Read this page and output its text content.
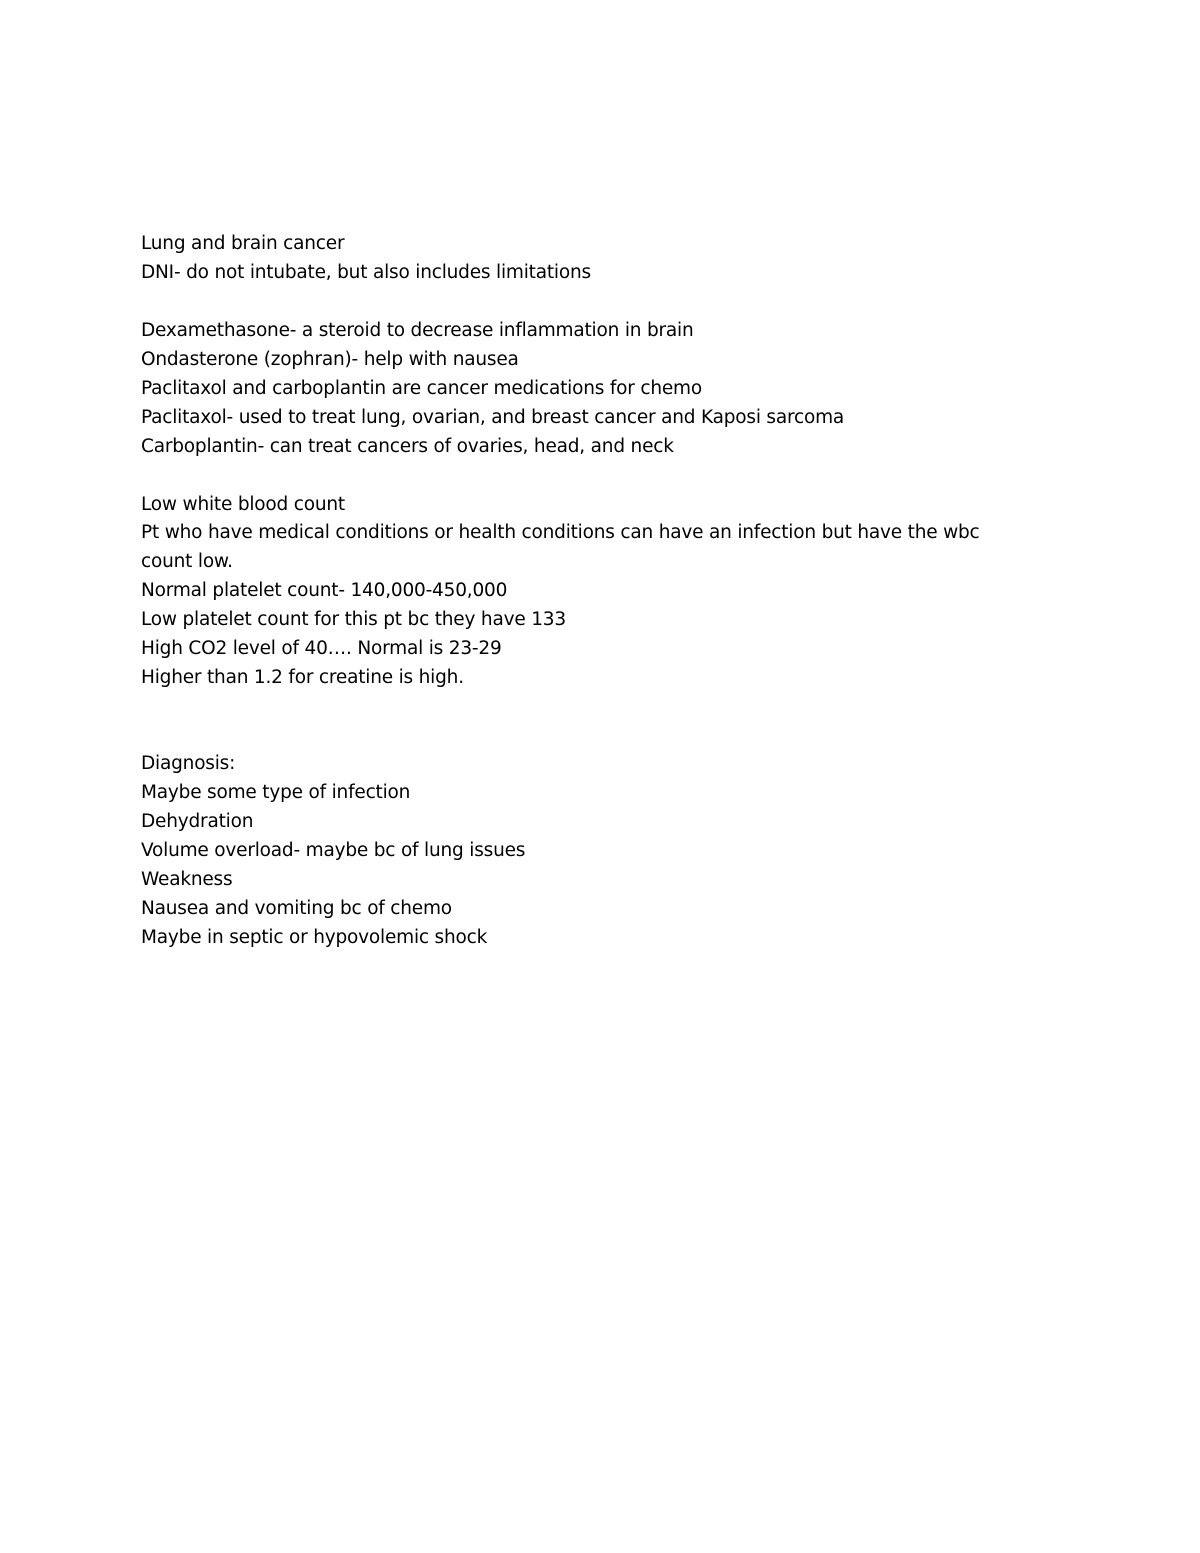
Lung and brain cancer
DNI- do not intubate, but also includes limitations
Dexamethasone- a steroid to decrease inflammation in brain
Ondasterone (zophran)- help with nausea
Paclitaxol and carboplantin are cancer medications for chemo
Paclitaxol- used to treat lung, ovarian, and breast cancer and Kaposi sarcoma
Carboplantin- can treat cancers of ovaries, head, and neck
Low white blood count
Pt who have medical conditions or health conditions can have an infection but have the wbc count low.
Normal platelet count- 140,000-450,000
Low platelet count for this pt bc they have 133
High CO2 level of 40…. Normal is 23-29
Higher than 1.2 for creatine is high.
Diagnosis:
Maybe some type of infection
Dehydration
Volume overload- maybe bc of lung issues
Weakness
Nausea and vomiting bc of chemo
Maybe in septic or hypovolemic shock
